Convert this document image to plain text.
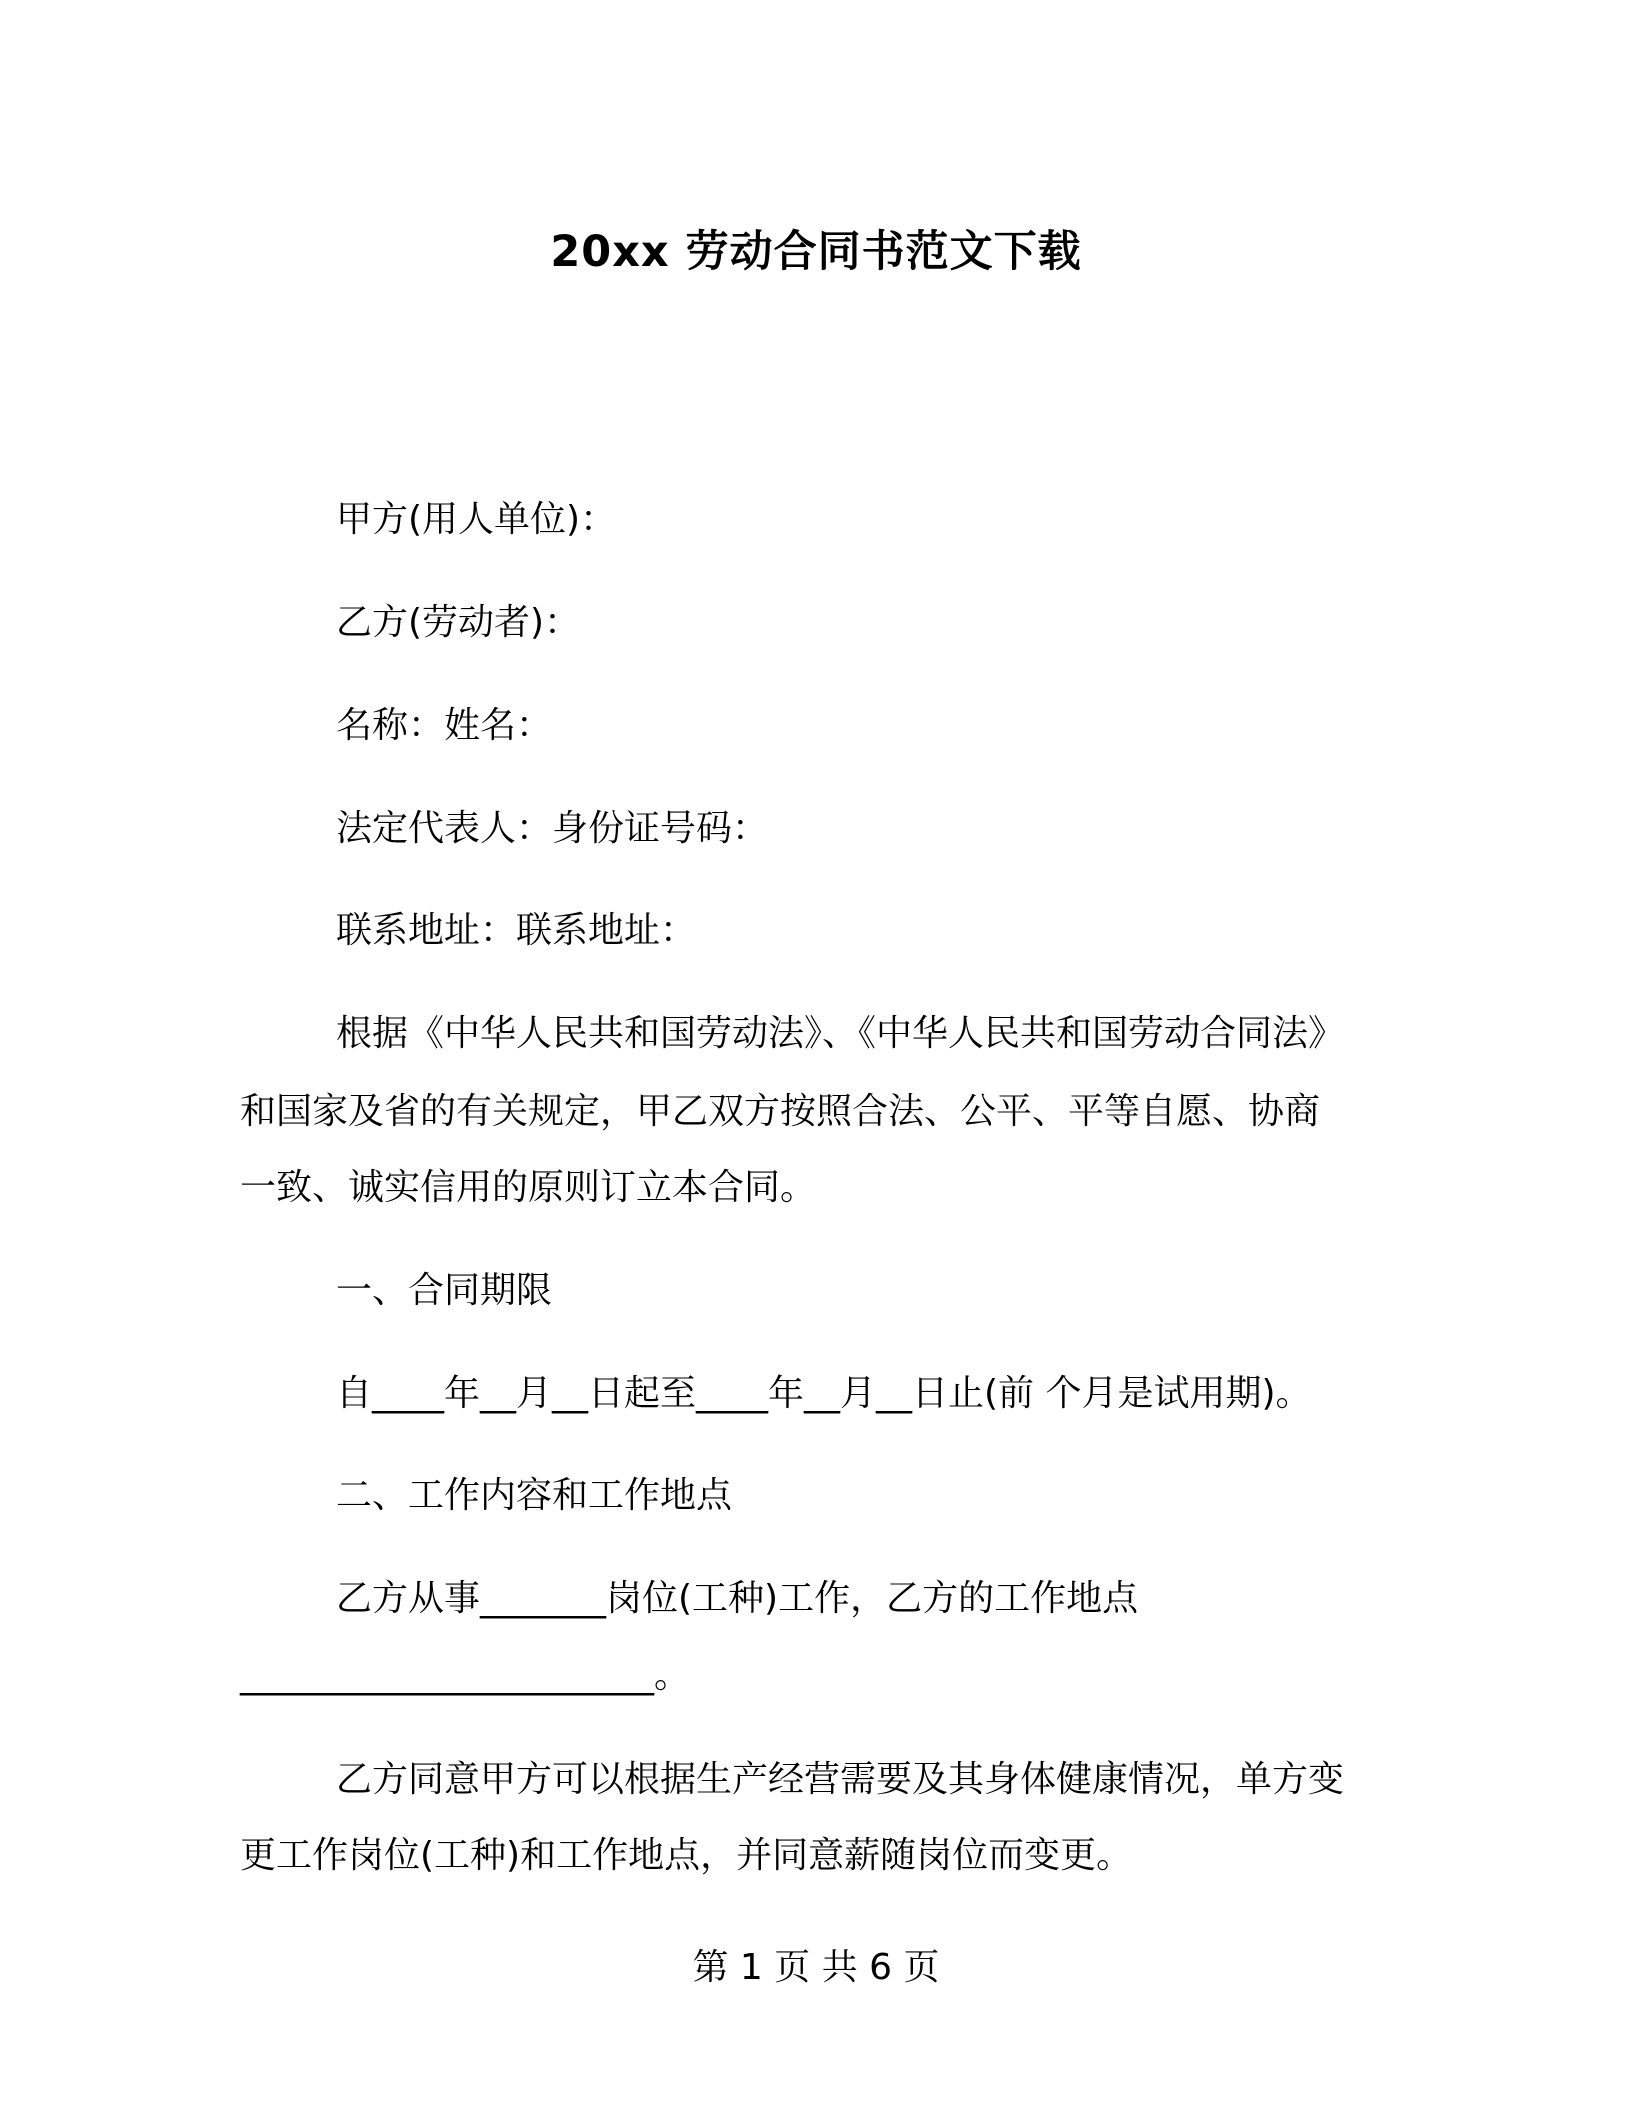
20xx 劳动合同书范文下载
甲方(用人单位)：
乙方(劳动者)：
名称：姓名：
法定代表人：身份证号码：
联系地址：联系地址：
根据《中华人民共和国劳动法》、《中华人民共和国劳动合同法》
和国家及省的有关规定，甲乙双方按照合法、公平、平等自愿、协商
一致、诚实信用的原则订立本合同。
一、合同期限
自____年__月__日起至____年__月__日止(前 个月是试用期)。
二、工作内容和工作地点
乙方从事_______岗位(工种)工作，乙方的工作地点
_______________________。
乙方同意甲方可以根据生产经营需要及其身体健康情况，单方变
更工作岗位(工种)和工作地点，并同意薪随岗位而变更。
第 1 页 共 6 页
